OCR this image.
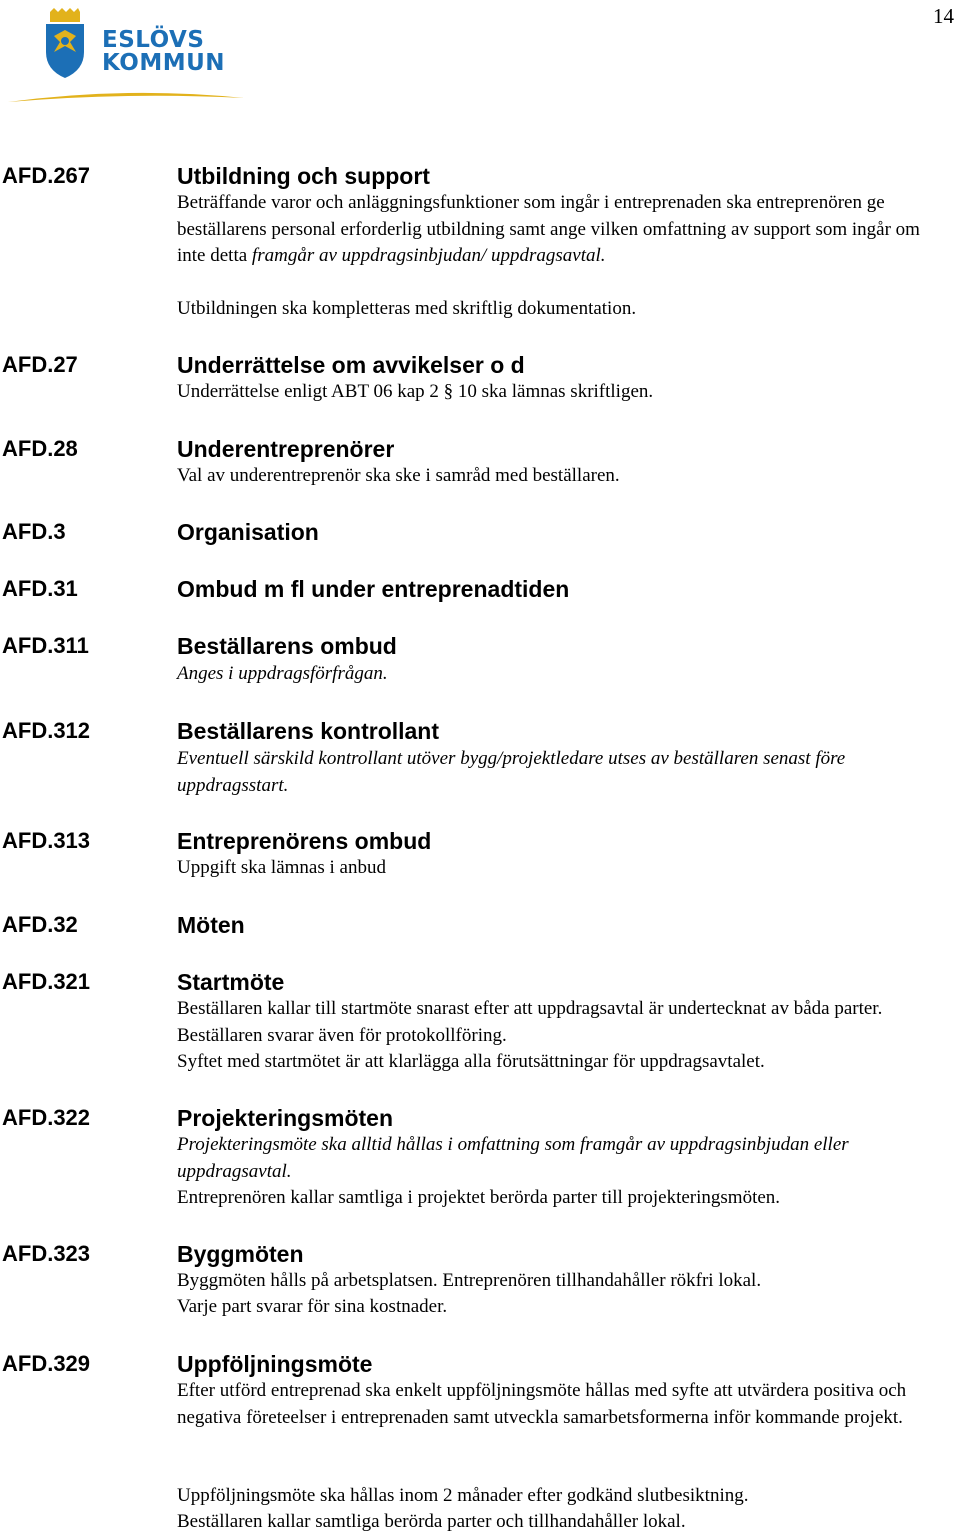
14
ESLÖVS
KOMMUN
AFD.267	Utbildning och support

Beträffande varor och anläggningsfunktioner som ingår i entreprenaden ska entreprenören ge beställarens personal erforderlig utbildning samt ange vilken omfattning av support som ingår om inte detta framgår av uppdragsinbjudan/ uppdragsavtal.

Utbildningen ska kompletteras med skriftlig dokumentation.

AFD.27	Underrättelse om avvikelser o d

Underrättelse enligt ABT 06 kap 2 § 10 ska lämnas skriftligen.

AFD.28	Underentreprenörer

Val av underentreprenör ska ske i samråd med beställaren.

AFD.3	Organisation
AFD.31	Ombud m fl under entreprenadtiden
AFD.311	Beställarens ombud

Anges i uppdragsförfrågan.

AFD.312	Beställarens kontrollant

Eventuell särskild kontrollant utöver bygg/projektledare utses av beställaren senast före uppdragsstart.

AFD.313	Entreprenörens ombud

Uppgift ska lämnas i anbud

AFD.32	Möten
AFD.321	Startmöte

Beställaren kallar till startmöte snarast efter att uppdragsavtal är undertecknat av båda parter. Beställaren svarar även för protokollföring.

Syftet med startmötet är att klarlägga alla förutsättningar för uppdragsavtalet.

AFD.322	Projekteringsmöten

Projekteringsmöte ska alltid hållas i omfattning som framgår av uppdragsinbjudan eller uppdragsavtal.

Entreprenören kallar samtliga i projektet berörda parter till projekteringsmöten.

AFD.323	Byggmöten

Byggmöten hålls på arbetsplatsen. Entreprenören tillhandahåller rökfri lokal.

Varje part svarar för sina kostnader.

AFD.329	Uppföljningsmöte

Efter utförd entreprenad ska enkelt uppföljningsmöte hållas med syfte att utvärdera positiva och negativa företeelser i entreprenaden samt utveckla samarbetsformerna inför kommande projekt.

Uppföljningsmöte ska hållas inom 2 månader efter godkänd slutbesiktning.

Beställaren kallar samtliga berörda parter och tillhandahåller lokal.
